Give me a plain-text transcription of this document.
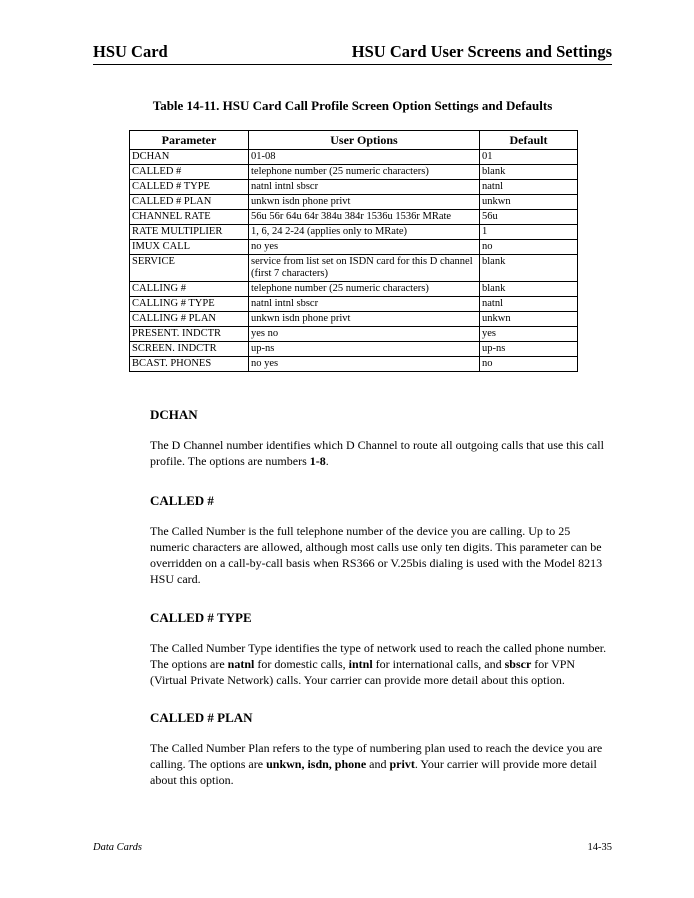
HSU Card	HSU Card User Screens and Settings
Table 14-11. HSU Card Call Profile Screen Option Settings and Defaults
Parameter	User Options	Default
DCHAN	01-08	01
CALLED #	telephone number (25 numeric characters)	blank
CALLED # TYPE	natnl intnl sbscr	natnl
CALLED # PLAN	unkwn isdn phone privt	unkwn
CHANNEL RATE	56u 56r 64u 64r 384u 384r 1536u 1536r MRate	56u
RATE MULTIPLIER	1, 6, 24 2-24 (applies only to MRate)	1
IMUX CALL	no yes	no
SERVICE	service from list set on ISDN card for this D channel (first 7 characters)	blank
CALLING #	telephone number (25 numeric characters)	blank
CALLING # TYPE	natnl intnl sbscr	natnl
CALLING # PLAN	unkwn isdn phone privt	unkwn
PRESENT. INDCTR	yes no	yes
SCREEN. INDCTR	up-ns	up-ns
BCAST. PHONES	no yes	no
DCHAN
The D Channel number identifies which D Channel to route all outgoing calls that use this call profile. The options are numbers 1-8.
CALLED #
The Called Number is the full telephone number of the device you are calling. Up to 25 numeric characters are allowed, although most calls use only ten digits. This parameter can be overridden on a call-by-call basis when RS366 or V.25bis dialing is used with the Model 8213 HSU card.
CALLED # TYPE
The Called Number Type identifies the type of network used to reach the called phone number. The options are natnl for domestic calls, intnl for international calls, and sbscr for VPN (Virtual Private Network) calls. Your carrier can provide more detail about this option.
CALLED # PLAN
The Called Number Plan refers to the type of numbering plan used to reach the device you are calling. The options are unkwn, isdn, phone and privt. Your carrier will provide more detail about this option.
Data Cards	14-35
